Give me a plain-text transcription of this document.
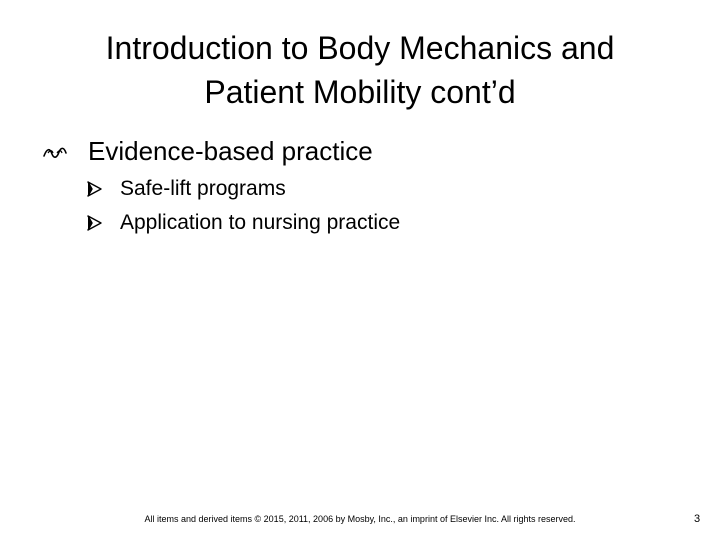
Introduction to Body Mechanics and
Patient Mobility cont’d
Evidence-based practice
Safe-lift programs
Application to nursing practice
All items and derived items © 2015, 2011, 2006 by Mosby, Inc., an imprint of Elsevier Inc. All rights reserved.	3
